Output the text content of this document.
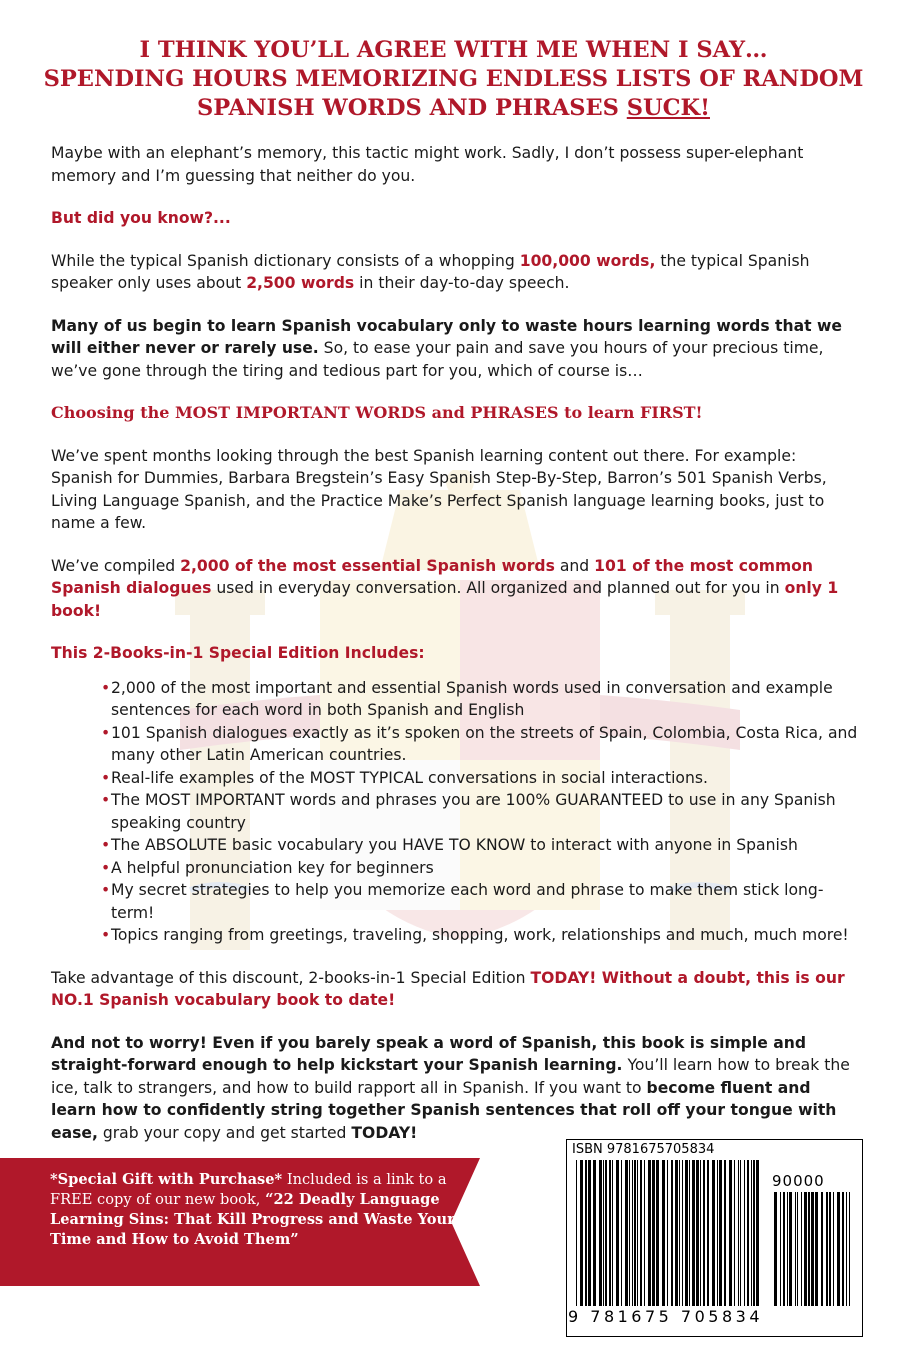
I THINK YOU’LL AGREE WITH ME WHEN I SAY…
SPENDING HOURS MEMORIZING ENDLESS LISTS OF RANDOM
SPANISH WORDS AND PHRASES SUCK!

Maybe with an elephant’s memory, this tactic might work. Sadly, I don’t possess super-elephant memory and I’m guessing that neither do you.

But did you know?...

While the typical Spanish dictionary consists of a whopping 100,000 words, the typical Spanish speaker only uses about 2,500 words in their day-to-day speech.

Many of us begin to learn Spanish vocabulary only to waste hours learning words that we will either never or rarely use. So, to ease your pain and save you hours of your precious time, we’ve gone through the tiring and tedious part for you, which of course is…

Choosing the MOST IMPORTANT WORDS and PHRASES to learn FIRST!

We’ve spent months looking through the best Spanish learning content out there. For example: Spanish for Dummies, Barbara Bregstein’s Easy Spanish Step-By-Step, Barron’s 501 Spanish Verbs, Living Language Spanish, and the Practice Make’s Perfect Spanish language learning books, just to name a few.

We’ve compiled 2,000 of the most essential Spanish words and 101 of the most common Spanish dialogues used in everyday conversation. All organized and planned out for you in only 1 book!

This 2-Books-in-1 Special Edition Includes:

• 2,000 of the most important and essential Spanish words used in conversation and example sentences for each word in both Spanish and English
• 101 Spanish dialogues exactly as it’s spoken on the streets of Spain, Colombia, Costa Rica, and many other Latin American countries.
• Real-life examples of the MOST TYPICAL conversations in social interactions.
• The MOST IMPORTANT words and phrases you are 100% GUARANTEED to use in any Spanish speaking country
• The ABSOLUTE basic vocabulary you HAVE TO KNOW to interact with anyone in Spanish
• A helpful pronunciation key for beginners
• My secret strategies to help you memorize each word and phrase to make them stick long-term!
• Topics ranging from greetings, traveling, shopping, work, relationships and much, much more!

Take advantage of this discount, 2-books-in-1 Special Edition TODAY! Without a doubt, this is our NO.1 Spanish vocabulary book to date!

And not to worry! Even if you barely speak a word of Spanish, this book is simple and straight-forward enough to help kickstart your Spanish learning. You’ll learn how to break the ice, talk to strangers, and how to build rapport all in Spanish. If you want to become fluent and learn how to confidently string together Spanish sentences that roll off your tongue with ease, grab your copy and get started TODAY!

*Special Gift with Purchase* Included is a link to a FREE copy of our new book, “22 Deadly Language Learning Sins: That Kill Progress and Waste Your Time and How to Avoid Them”
ISBN 9781675705834
90000
9 781675 705834
